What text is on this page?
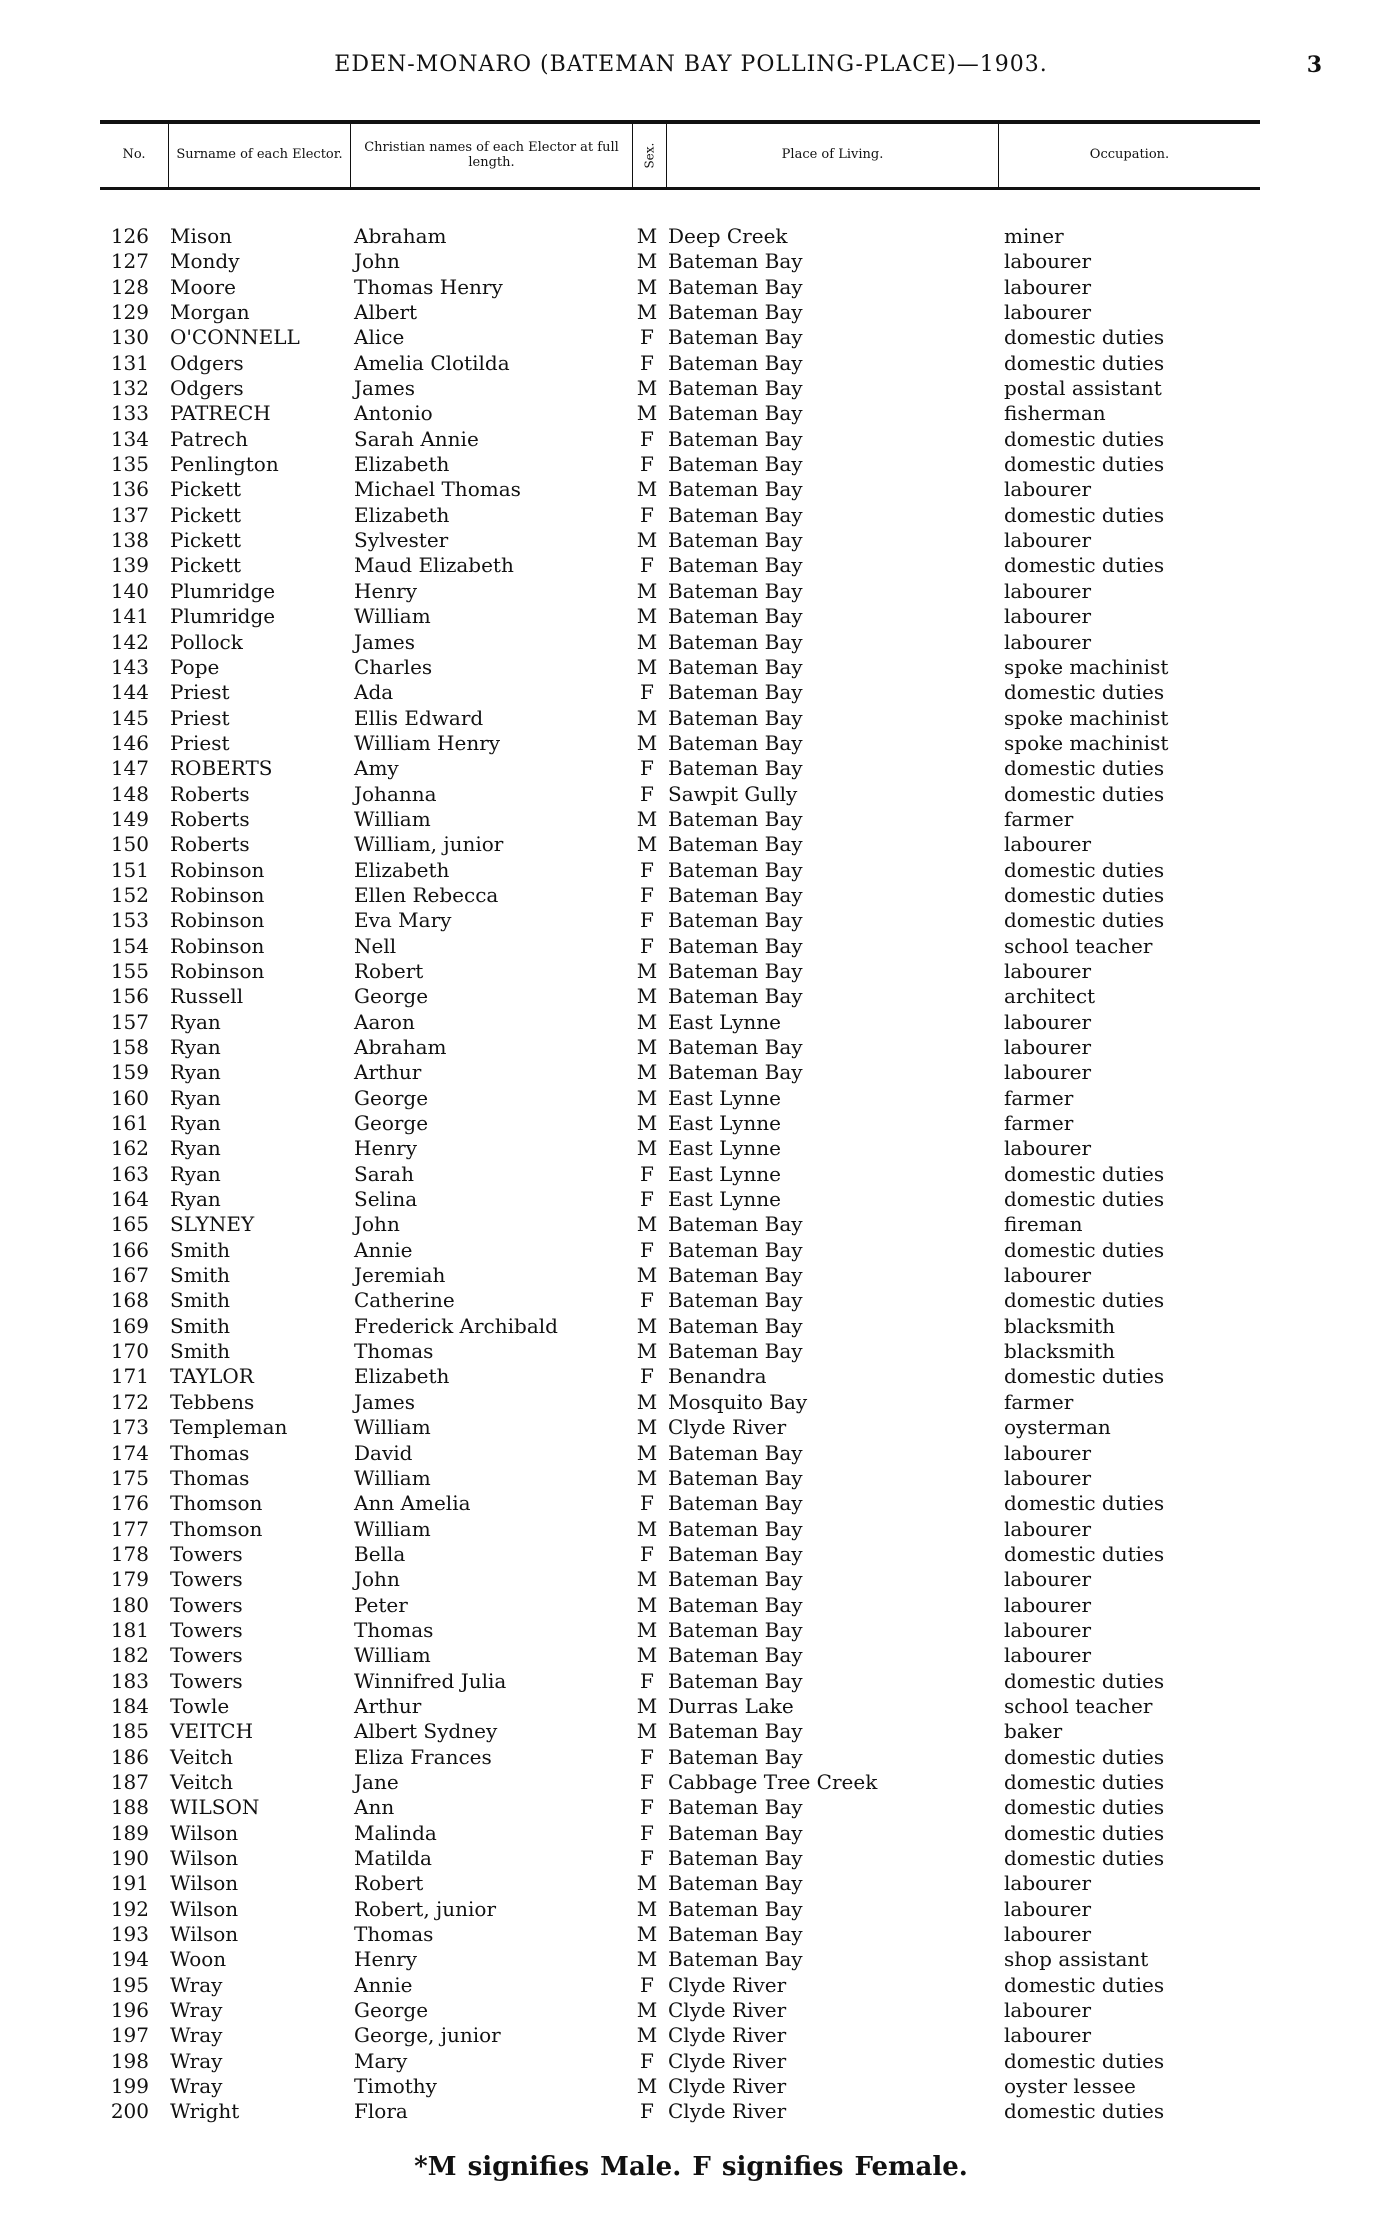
EDEN-MONARO (BATEMAN BAY POLLING-PLACE)—1903.	3
No.	Surname of each Elector.	Christian names of each Elector at full length.	Sex.	Place of Living.	Occupation.
126 Mison	Abraham	M Deep Creek	miner
127 Mondy	John	M Bateman Bay	labourer
128 Moore	Thomas Henry	M Bateman Bay	labourer
129 Morgan	Albert	M Bateman Bay	labourer
130 O'CONNELL	Alice	F Bateman Bay	domestic duties
131 Odgers	Amelia Clotilda	F Bateman Bay	domestic duties
132 Odgers	James	M Bateman Bay	postal assistant
133 PATRECH	Antonio	M Bateman Bay	fisherman
134 Patrech	Sarah Annie	F Bateman Bay	domestic duties
135 Penlington	Elizabeth	F Bateman Bay	domestic duties
136 Pickett	Michael Thomas	M Bateman Bay	labourer
137 Pickett	Elizabeth	F Bateman Bay	domestic duties
138 Pickett	Sylvester	M Bateman Bay	labourer
139 Pickett	Maud Elizabeth	F Bateman Bay	domestic duties
140 Plumridge	Henry	M Bateman Bay	labourer
141 Plumridge	William	M Bateman Bay	labourer
142 Pollock	James	M Bateman Bay	labourer
143 Pope	Charles	M Bateman Bay	spoke machinist
144 Priest	Ada	F Bateman Bay	domestic duties
145 Priest	Ellis Edward	M Bateman Bay	spoke machinist
146 Priest	William Henry	M Bateman Bay	spoke machinist
147 ROBERTS	Amy	F Bateman Bay	domestic duties
148 Roberts	Johanna	F Sawpit Gully	domestic duties
149 Roberts	William	M Bateman Bay	farmer
150 Roberts	William, junior	M Bateman Bay	labourer
151 Robinson	Elizabeth	F Bateman Bay	domestic duties
152 Robinson	Ellen Rebecca	F Bateman Bay	domestic duties
153 Robinson	Eva Mary	F Bateman Bay	domestic duties
154 Robinson	Nell	F Bateman Bay	school teacher
155 Robinson	Robert	M Bateman Bay	labourer
156 Russell	George	M Bateman Bay	architect
157 Ryan	Aaron	M East Lynne	labourer
158 Ryan	Abraham	M Bateman Bay	labourer
159 Ryan	Arthur	M Bateman Bay	labourer
160 Ryan	George	M East Lynne	farmer
161 Ryan	George	M East Lynne	farmer
162 Ryan	Henry	M East Lynne	labourer
163 Ryan	Sarah	F East Lynne	domestic duties
164 Ryan	Selina	F East Lynne	domestic duties
165 SLYNEY	John	M Bateman Bay	fireman
166 Smith	Annie	F Bateman Bay	domestic duties
167 Smith	Jeremiah	M Bateman Bay	labourer
168 Smith	Catherine	F Bateman Bay	domestic duties
169 Smith	Frederick Archibald	M Bateman Bay	blacksmith
170 Smith	Thomas	M Bateman Bay	blacksmith
171 TAYLOR	Elizabeth	F Benandra	domestic duties
172 Tebbens	James	M Mosquito Bay	farmer
173 Templeman	William	M Clyde River	oysterman
174 Thomas	David	M Bateman Bay	labourer
175 Thomas	William	M Bateman Bay	labourer
176 Thomson	Ann Amelia	F Bateman Bay	domestic duties
177 Thomson	William	M Bateman Bay	labourer
178 Towers	Bella	F Bateman Bay	domestic duties
179 Towers	John	M Bateman Bay	labourer
180 Towers	Peter	M Bateman Bay	labourer
181 Towers	Thomas	M Bateman Bay	labourer
182 Towers	William	M Bateman Bay	labourer
183 Towers	Winnifred Julia	F Bateman Bay	domestic duties
184 Towle	Arthur	M Durras Lake	school teacher
185 VEITCH	Albert Sydney	M Bateman Bay	baker
186 Veitch	Eliza Frances	F Bateman Bay	domestic duties
187 Veitch	Jane	F Cabbage Tree Creek	domestic duties
188 WILSON	Ann	F Bateman Bay	domestic duties
189 Wilson	Malinda	F Bateman Bay	domestic duties
190 Wilson	Matilda	F Bateman Bay	domestic duties
191 Wilson	Robert	M Bateman Bay	labourer
192 Wilson	Robert, junior	M Bateman Bay	labourer
193 Wilson	Thomas	M Bateman Bay	labourer
194 Woon	Henry	M Bateman Bay	shop assistant
195 Wray	Annie	F Clyde River	domestic duties
196 Wray	George	M Clyde River	labourer
197 Wray	George, junior	M Clyde River	labourer
198 Wray	Mary	F Clyde River	domestic duties
199 Wray	Timothy	M Clyde River	oyster lessee
200 Wright	Flora	F Clyde River	domestic duties
*M signifies Male. F signifies Female.
